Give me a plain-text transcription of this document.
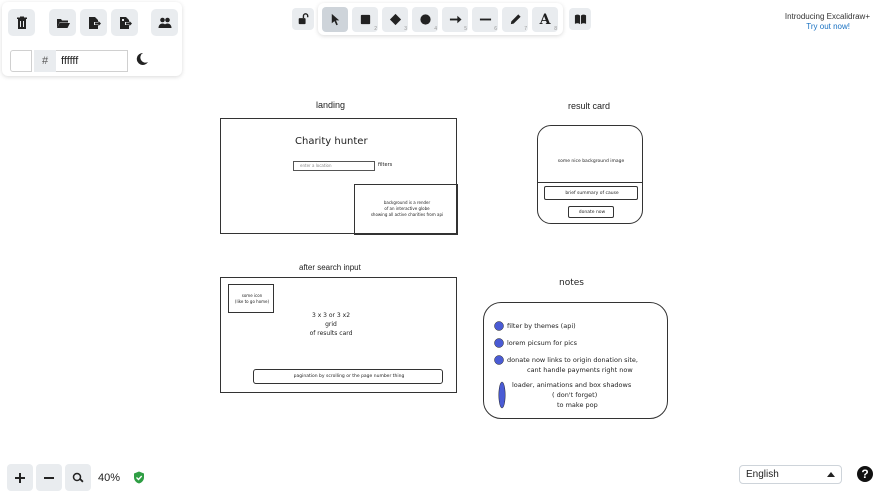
#	ffffff
2	3	4	5	6	7
A
8
Introducing Excalidraw+
Try out now!
landing
Charity hunter
enter a location	filters
background is a render
of an interactive globe
showing all active charities from api
result card
some nice background image
brief summary of cause
donate now
after search input
some icon
(like to go home)
3 x 3 or 3 x2
grid
of results card
pagination by scrolling or the page number thing
notes
filter by themes (api)
lorem picsum for pics
donate now links to origin donation site,
cant handle payments right now
loader, animations and box shadows
( don't forget)
to make pop
40%	English	?
